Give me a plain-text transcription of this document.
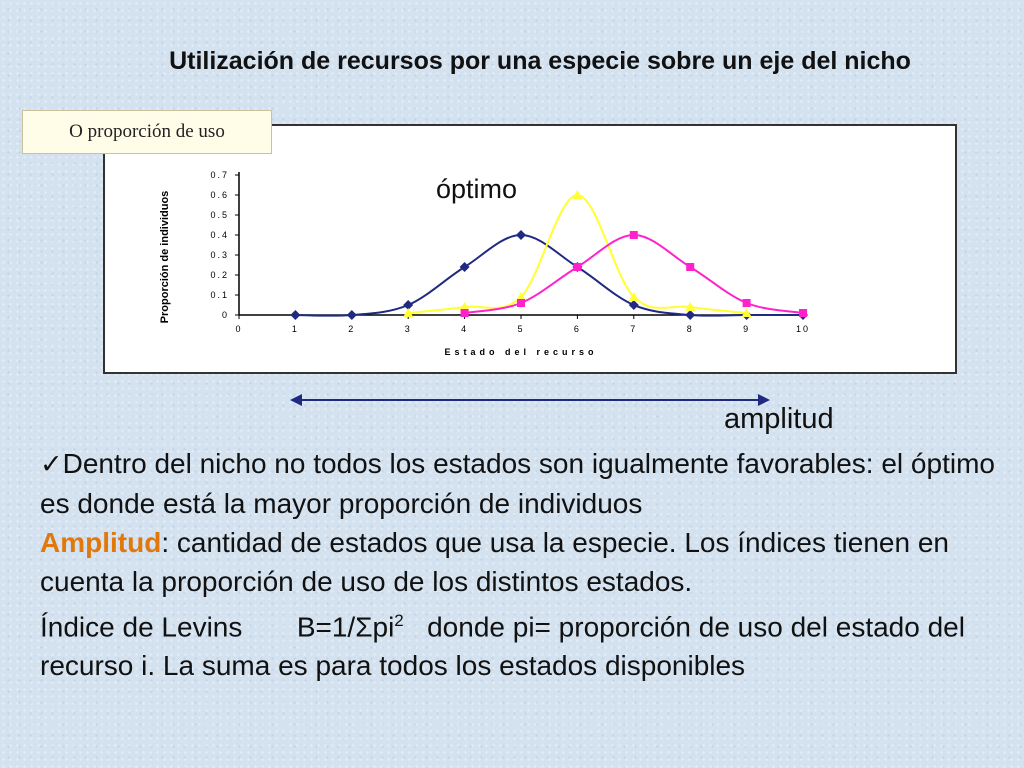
Utilización de recursos por una especie sobre un eje del nicho
0
0.1
0.2
0.3
0.4
0.5
0.6
0.7
0	1	2	3	4	5	6	7	8	9	10
Estado del recurso
Proporción de individuos
O proporción de uso
óptimo
amplitud

✓Dentro del nicho no todos los estados son igualmente favorables: el óptimo es donde está la mayor proporción de individuos

Amplitud: cantidad de estados que usa la especie. Los índices tienen en cuenta la proporción de uso de los distintos estados.

Índice de Levins       B=1/Σpi$^2$   donde pi= proporción de uso del estado del recurso i. La suma es para todos los estados disponibles
